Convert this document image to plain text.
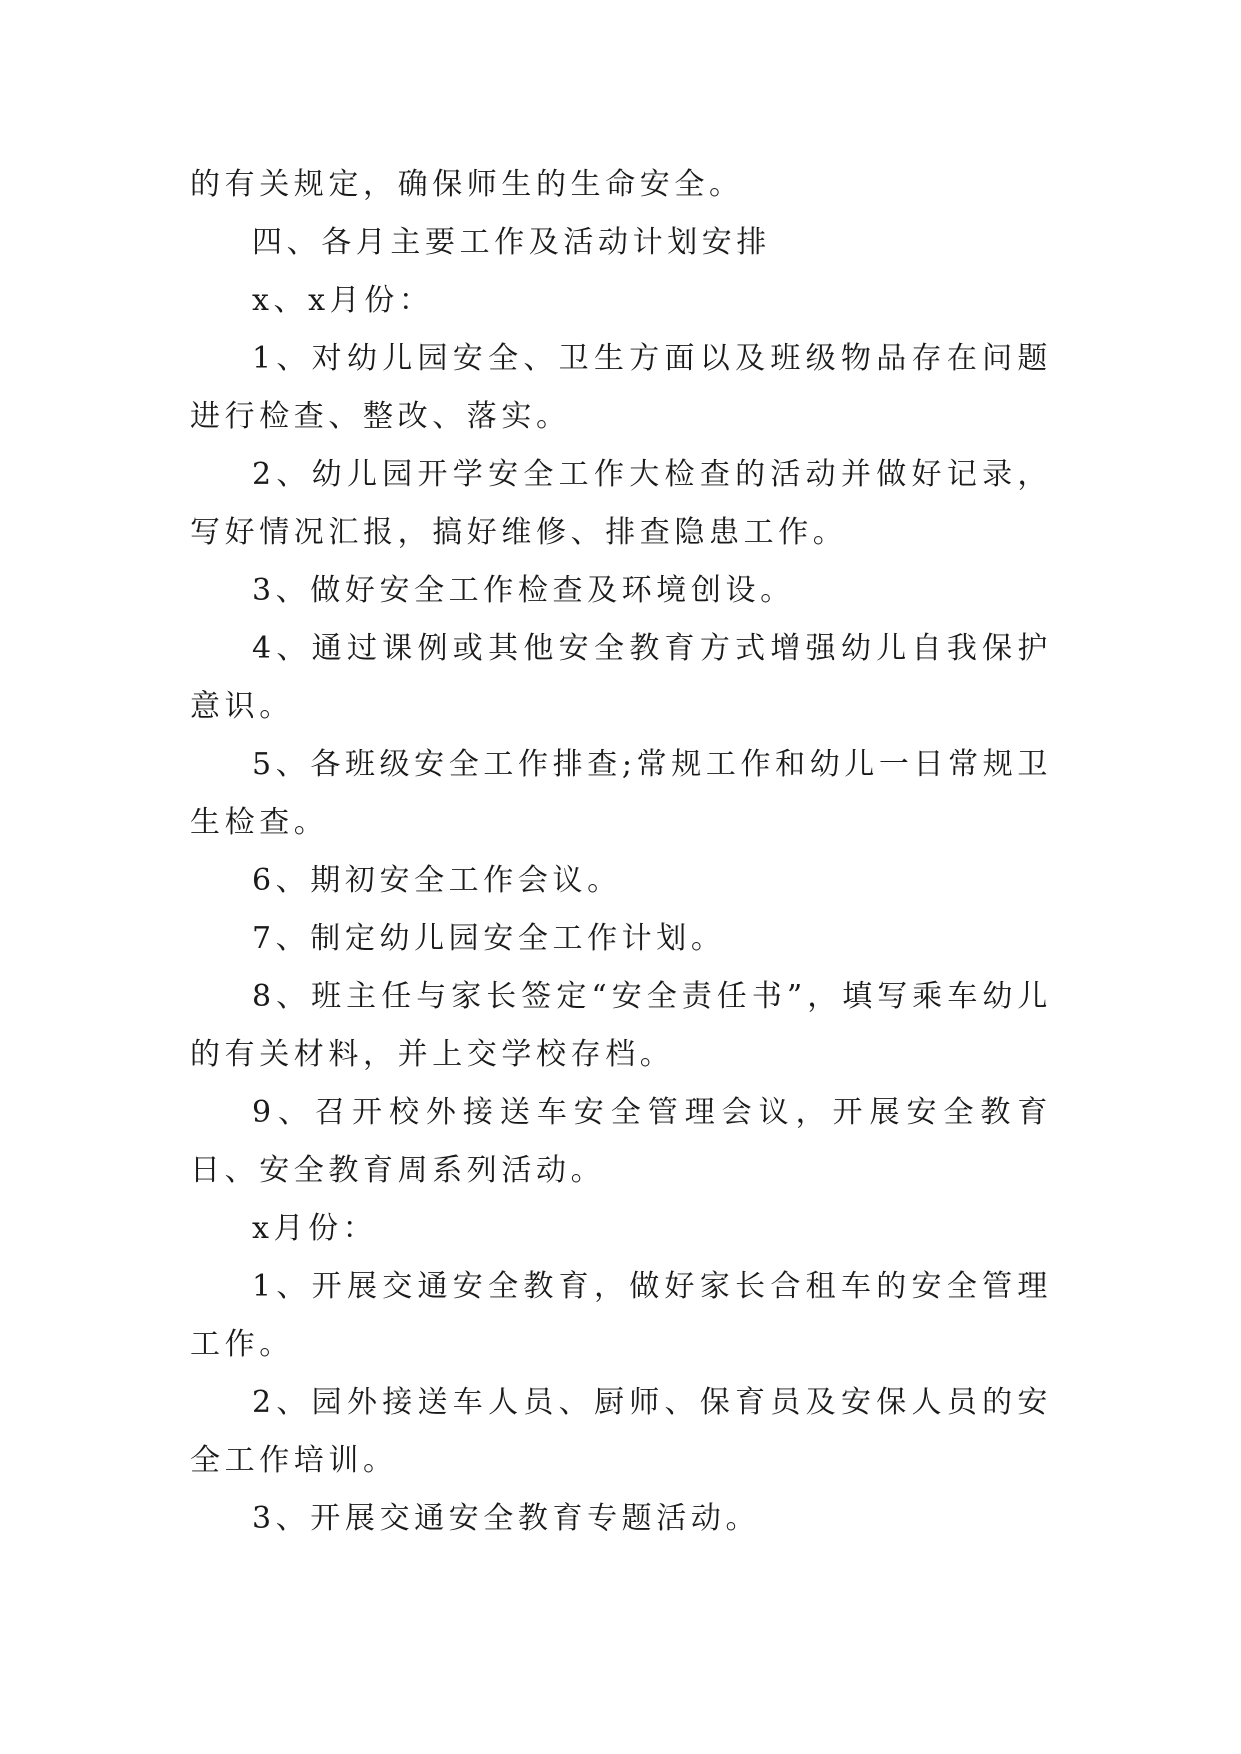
的有关规定，确保师生的生命安全。

四、各月主要工作及活动计划安排

x、x月份：

1、对幼儿园安全、卫生方面以及班级物品存在问题进行检查、整改、落实。

2、幼儿园开学安全工作大检查的活动并做好记录，写好情况汇报，搞好维修、排查隐患工作。

3、做好安全工作检查及环境创设。

4、通过课例或其他安全教育方式增强幼儿自我保护意识。

5、各班级安全工作排查;常规工作和幼儿一日常规卫生检查。

6、期初安全工作会议。

7、制定幼儿园安全工作计划。

8、班主任与家长签定“安全责任书”，填写乘车幼儿的有关材料，并上交学校存档。

9、召开校外接送车安全管理会议，开展安全教育日、安全教育周系列活动。

x月份：

1、开展交通安全教育，做好家长合租车的安全管理工作。

2、园外接送车人员、厨师、保育员及安保人员的安全工作培训。

3、开展交通安全教育专题活动。
